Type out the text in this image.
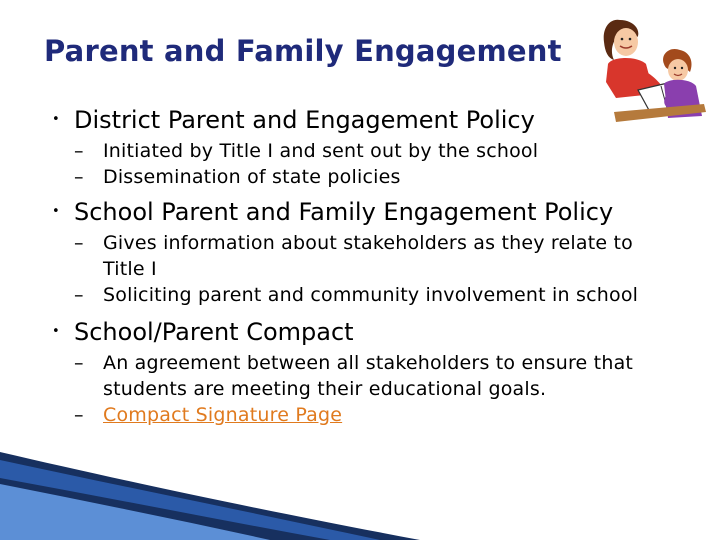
Parent and Family Engagement
• District Parent and Engagement Policy
– Initiated by Title I and sent out by the school
– Dissemination of state policies
• School Parent and Family Engagement Policy
– Gives information about stakeholders as they relate to Title I
– Soliciting parent and community involvement in school
• School/Parent Compact
– An agreement between all stakeholders to ensure that students are meeting their educational goals.
– Compact Signature Page
